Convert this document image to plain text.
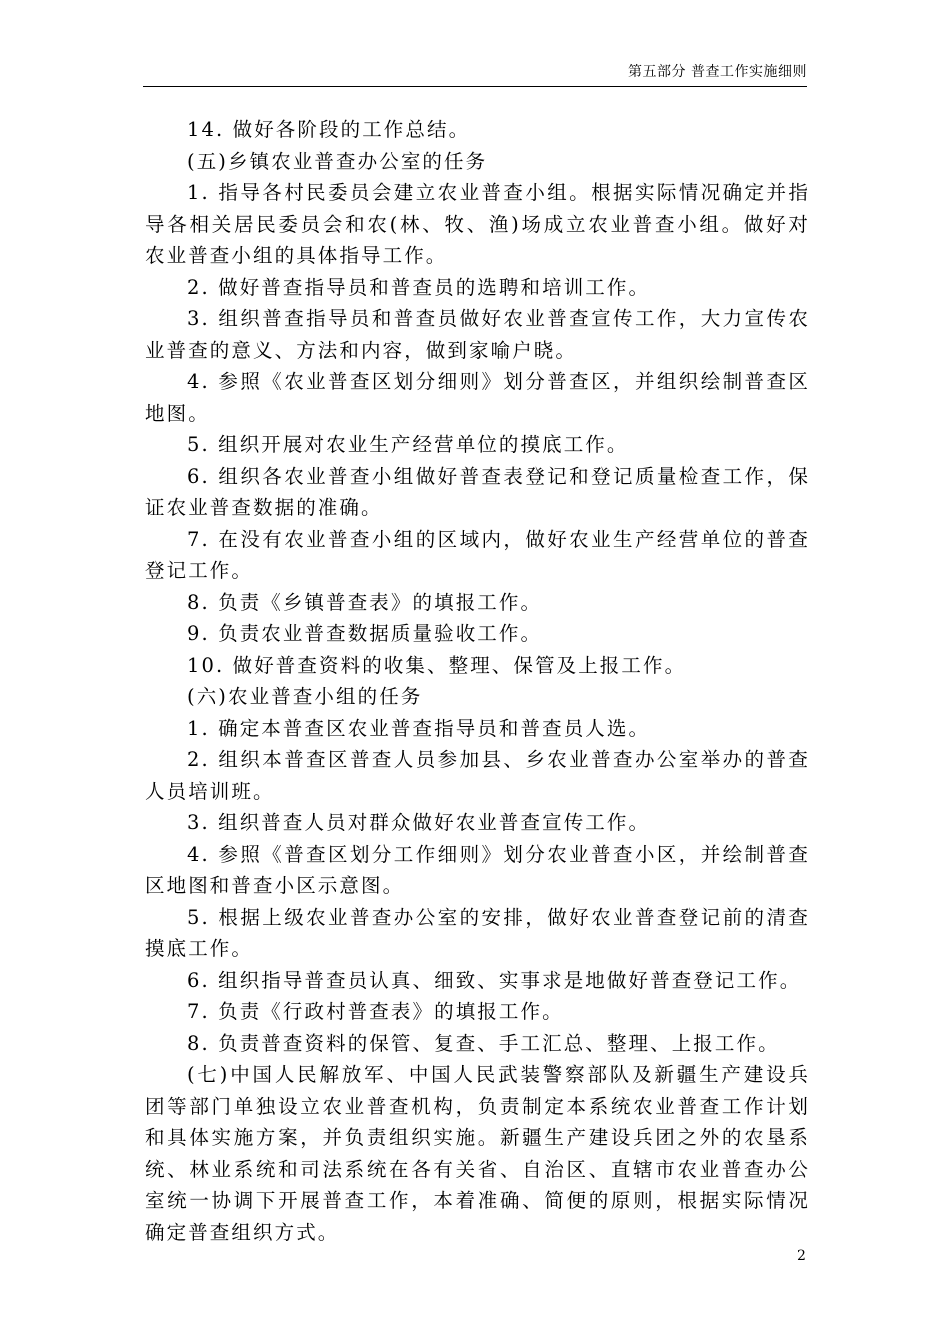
第五部分 普查工作实施细则

14. 做好各阶段的工作总结。

(五)乡镇农业普查办公室的任务

1. 指导各村民委员会建立农业普查小组。根据实际情况确定并指导各相关居民委员会和农(林、牧、渔)场成立农业普查小组。做好对农业普查小组的具体指导工作。

2. 做好普查指导员和普查员的选聘和培训工作。

3. 组织普查指导员和普查员做好农业普查宣传工作，大力宣传农业普查的意义、方法和内容，做到家喻户晓。

4. 参照《农业普查区划分细则》划分普查区，并组织绘制普查区地图。

5. 组织开展对农业生产经营单位的摸底工作。

6. 组织各农业普查小组做好普查表登记和登记质量检查工作，保证农业普查数据的准确。

7. 在没有农业普查小组的区域内，做好农业生产经营单位的普查登记工作。

8. 负责《乡镇普查表》的填报工作。

9. 负责农业普查数据质量验收工作。

10. 做好普查资料的收集、整理、保管及上报工作。

(六)农业普查小组的任务

1. 确定本普查区农业普查指导员和普查员人选。

2. 组织本普查区普查人员参加县、乡农业普查办公室举办的普查人员培训班。

3. 组织普查人员对群众做好农业普查宣传工作。

4. 参照《普查区划分工作细则》划分农业普查小区，并绘制普查区地图和普查小区示意图。

5. 根据上级农业普查办公室的安排，做好农业普查登记前的清查摸底工作。

6. 组织指导普查员认真、细致、实事求是地做好普查登记工作。

7. 负责《行政村普查表》的填报工作。

8. 负责普查资料的保管、复查、手工汇总、整理、上报工作。

(七)中国人民解放军、中国人民武装警察部队及新疆生产建设兵团等部门单独设立农业普查机构，负责制定本系统农业普查工作计划和具体实施方案，并负责组织实施。新疆生产建设兵团之外的农垦系统、林业系统和司法系统在各有关省、自治区、直辖市农业普查办公室统一协调下开展普查工作，本着准确、简便的原则，根据实际情况确定普查组织方式。

2
